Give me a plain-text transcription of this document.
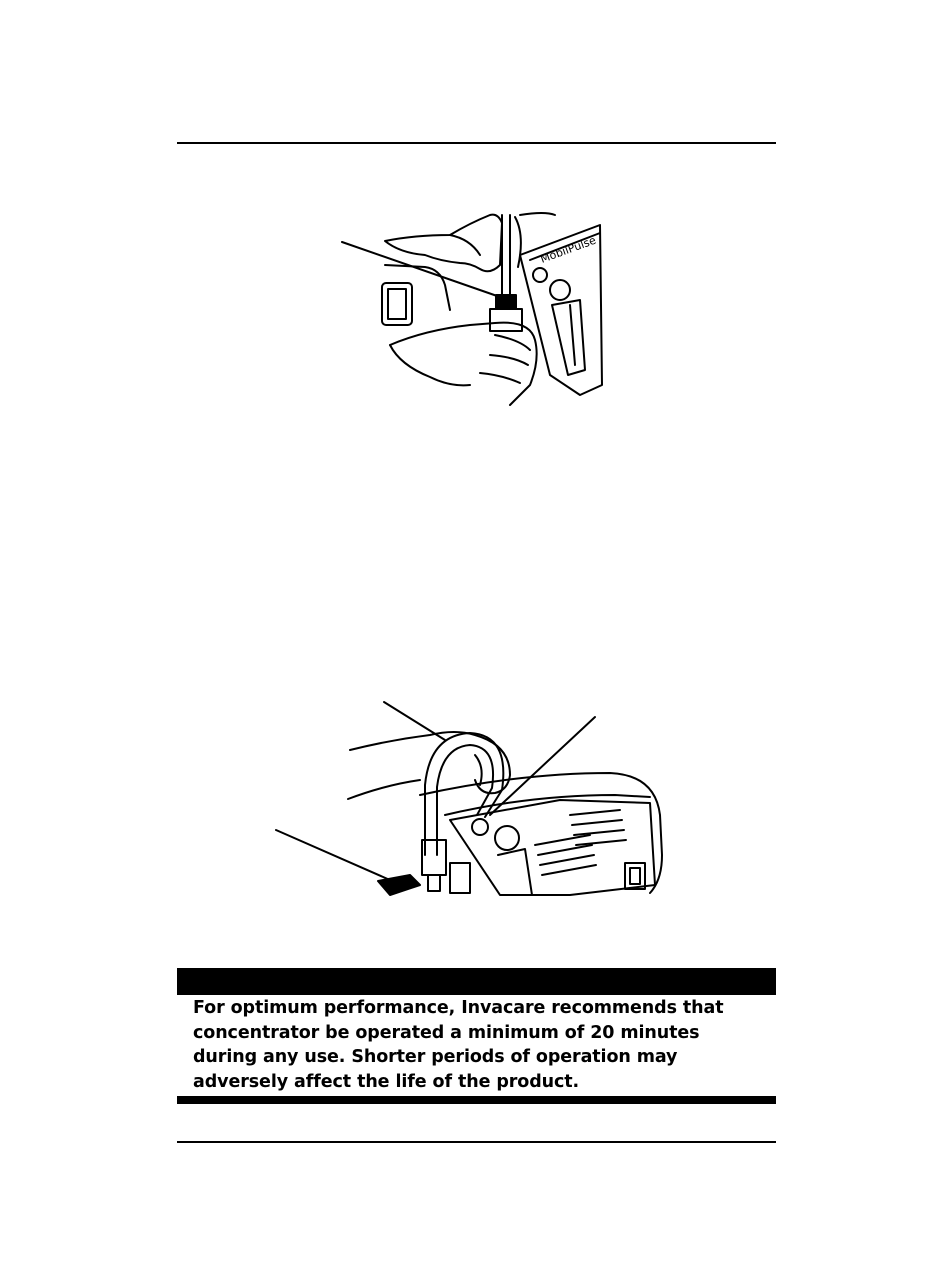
MobilPulse

For optimum performance, Invacare recommends that concentrator be operated a minimum of 20 minutes during any use. Shorter periods of operation may adversely affect the life of the product.
